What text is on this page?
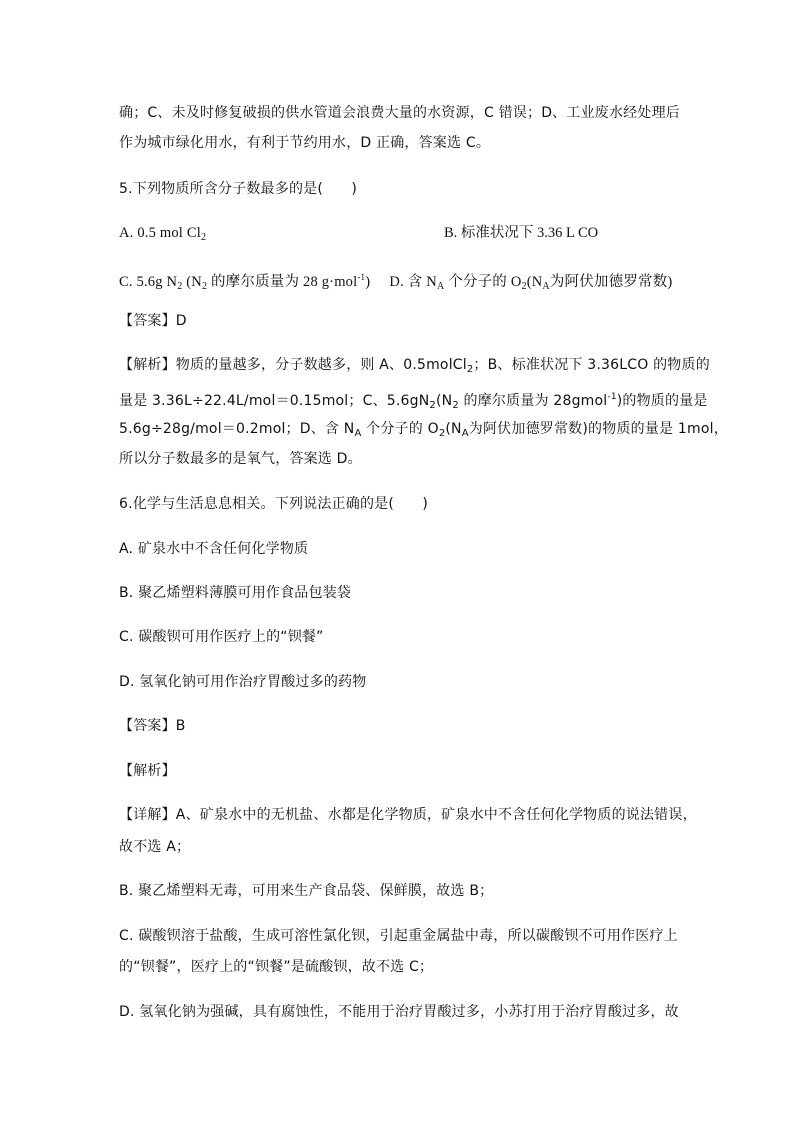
确；C、未及时修复破损的供水管道会浪费大量的水资源，C 错误；D、工业废水经处理后
作为城市绿化用水，有利于节约用水，D 正确，答案选 C。
5.下列物质所含分子数最多的是(　　)
A. 0.5 mol $Cl_2$	B. 标准状况下 3.36 L CO
C. 5.6g $N_2$ ($N_2$ 的摩尔质量为 28 g·mol$^{-1}$) D. 含 $N_A$ 个分子的 $O_2(N_A$为阿伏加德罗常数)
【答案】D
【解析】物质的量越多，分子数越多，则 A、0.5molCl$_2$；B、标准状况下 3.36LCO 的物质的
量是 3.36L÷22.4L/mol＝0.15mol；C、$5.6gN_2(N_2$ 的摩尔质量为 28gmol$^{-1}$)的物质的量是
5.6g÷28g/mol＝0.2mol；D、含 $N_A$ 个分子的 $O_2(N_A$为阿伏加德罗常数)的物质的量是 1mol，
所以分子数最多的是氧气，答案选 D。
6.化学与生活息息相关。下列说法正确的是(　　)
A. 矿泉水中不含任何化学物质
B. 聚乙烯塑料薄膜可用作食品包装袋
C. 碳酸钡可用作医疗上的“钡餐”
D. 氢氧化钠可用作治疗胃酸过多的药物
【答案】B
【解析】
【详解】A、矿泉水中的无机盐、水都是化学物质，矿泉水中不含任何化学物质的说法错误，
故不选 A；
B. 聚乙烯塑料无毒，可用来生产食品袋、保鲜膜，故选 B；
C. 碳酸钡溶于盐酸，生成可溶性氯化钡，引起重金属盐中毒，所以碳酸钡不可用作医疗上
的“钡餐”，医疗上的“钡餐”是硫酸钡，故不选 C；
D. 氢氧化钠为强碱，具有腐蚀性，不能用于治疗胃酸过多，小苏打用于治疗胃酸过多，故
